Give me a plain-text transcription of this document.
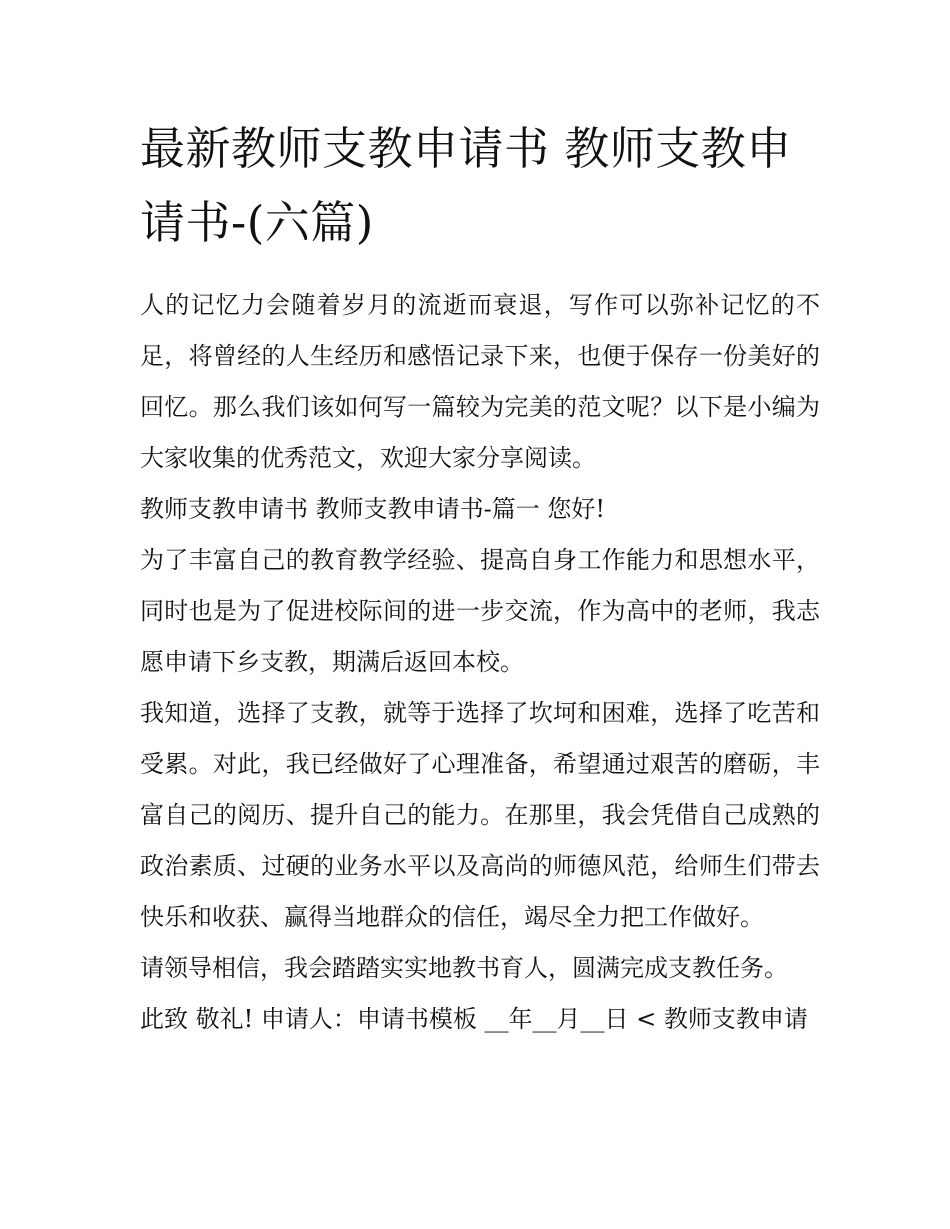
最新教师支教申请书 教师支教申请书-(六篇)

人的记忆力会随着岁月的流逝而衰退，写作可以弥补记忆的不足，将曾经的人生经历和感悟记录下来，也便于保存一份美好的回忆。那么我们该如何写一篇较为完美的范文呢？以下是小编为大家收集的优秀范文，欢迎大家分享阅读。

教师支教申请书 教师支教申请书-篇一 您好!

为了丰富自己的教育教学经验、提高自身工作能力和思想水平，同时也是为了促进校际间的进一步交流，作为高中的老师，我志愿申请下乡支教，期满后返回本校。

我知道，选择了支教，就等于选择了坎坷和困难，选择了吃苦和受累。对此，我已经做好了心理准备，希望通过艰苦的磨砺，丰富自己的阅历、提升自己的能力。在那里，我会凭借自己成熟的政治素质、过硬的业务水平以及高尚的师德风范，给师生们带去快乐和收获、赢得当地群众的信任，竭尽全力把工作做好。

请领导相信，我会踏踏实实地教书育人，圆满完成支教任务。

此致 敬礼! 申请人：申请书模板 __年__月__日 < 教师支教申请
